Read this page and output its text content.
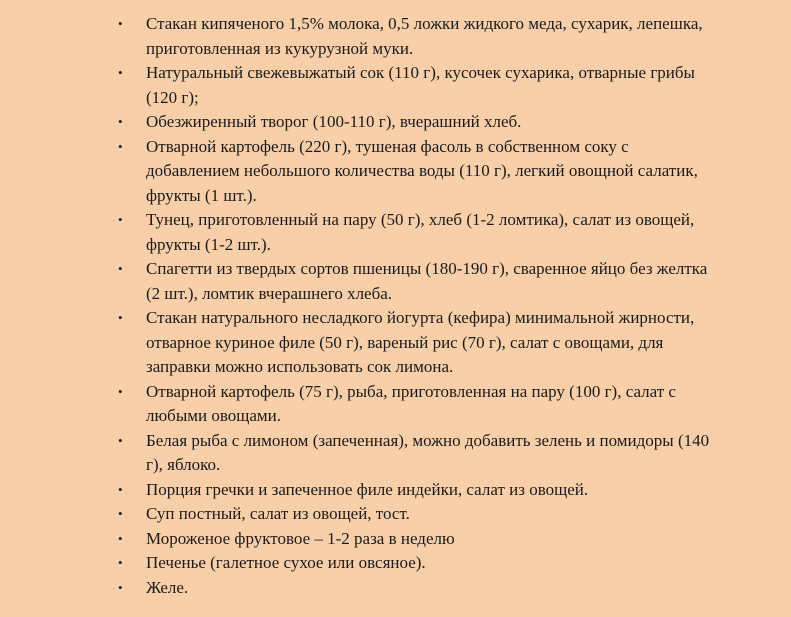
•	Стакан кипяченого 1,5% молока, 0,5 ложки жидкого меда, сухарик, лепешка, приготовленная из кукурузной муки.
•	Натуральный свежевыжатый сок (110 г), кусочек сухарика, отварные грибы (120 г);
•	Обезжиренный творог (100-110 г), вчерашний хлеб.
•	Отварной картофель (220 г), тушеная фасоль в собственном соку с добавлением небольшого количества воды (110 г), легкий овощной салатик, фрукты (1 шт.).
•	Тунец, приготовленный на пару (50 г), хлеб (1-2 ломтика), салат из овощей, фрукты (1-2 шт.).
•	Спагетти из твердых сортов пшеницы (180-190 г), сваренное яйцо без желтка (2 шт.), ломтик вчерашнего хлеба.
•	Стакан натурального несладкого йогурта (кефира) минимальной жирности, отварное куриное филе (50 г), вареный рис (70 г), салат с овощами, для заправки можно использовать сок лимона.
•	Отварной картофель (75 г), рыба, приготовленная на пару (100 г), салат с любыми овощами.
•	Белая рыба с лимоном (запеченная), можно добавить зелень и помидоры (140 г), яблоко.
•	Порция гречки и запеченное филе индейки, салат из овощей.
•	Суп постный, салат из овощей, тост.
•	Мороженое фруктовое – 1-2 раза в неделю
•	Печенье (галетное сухое или овсяное).
•	Желе.
